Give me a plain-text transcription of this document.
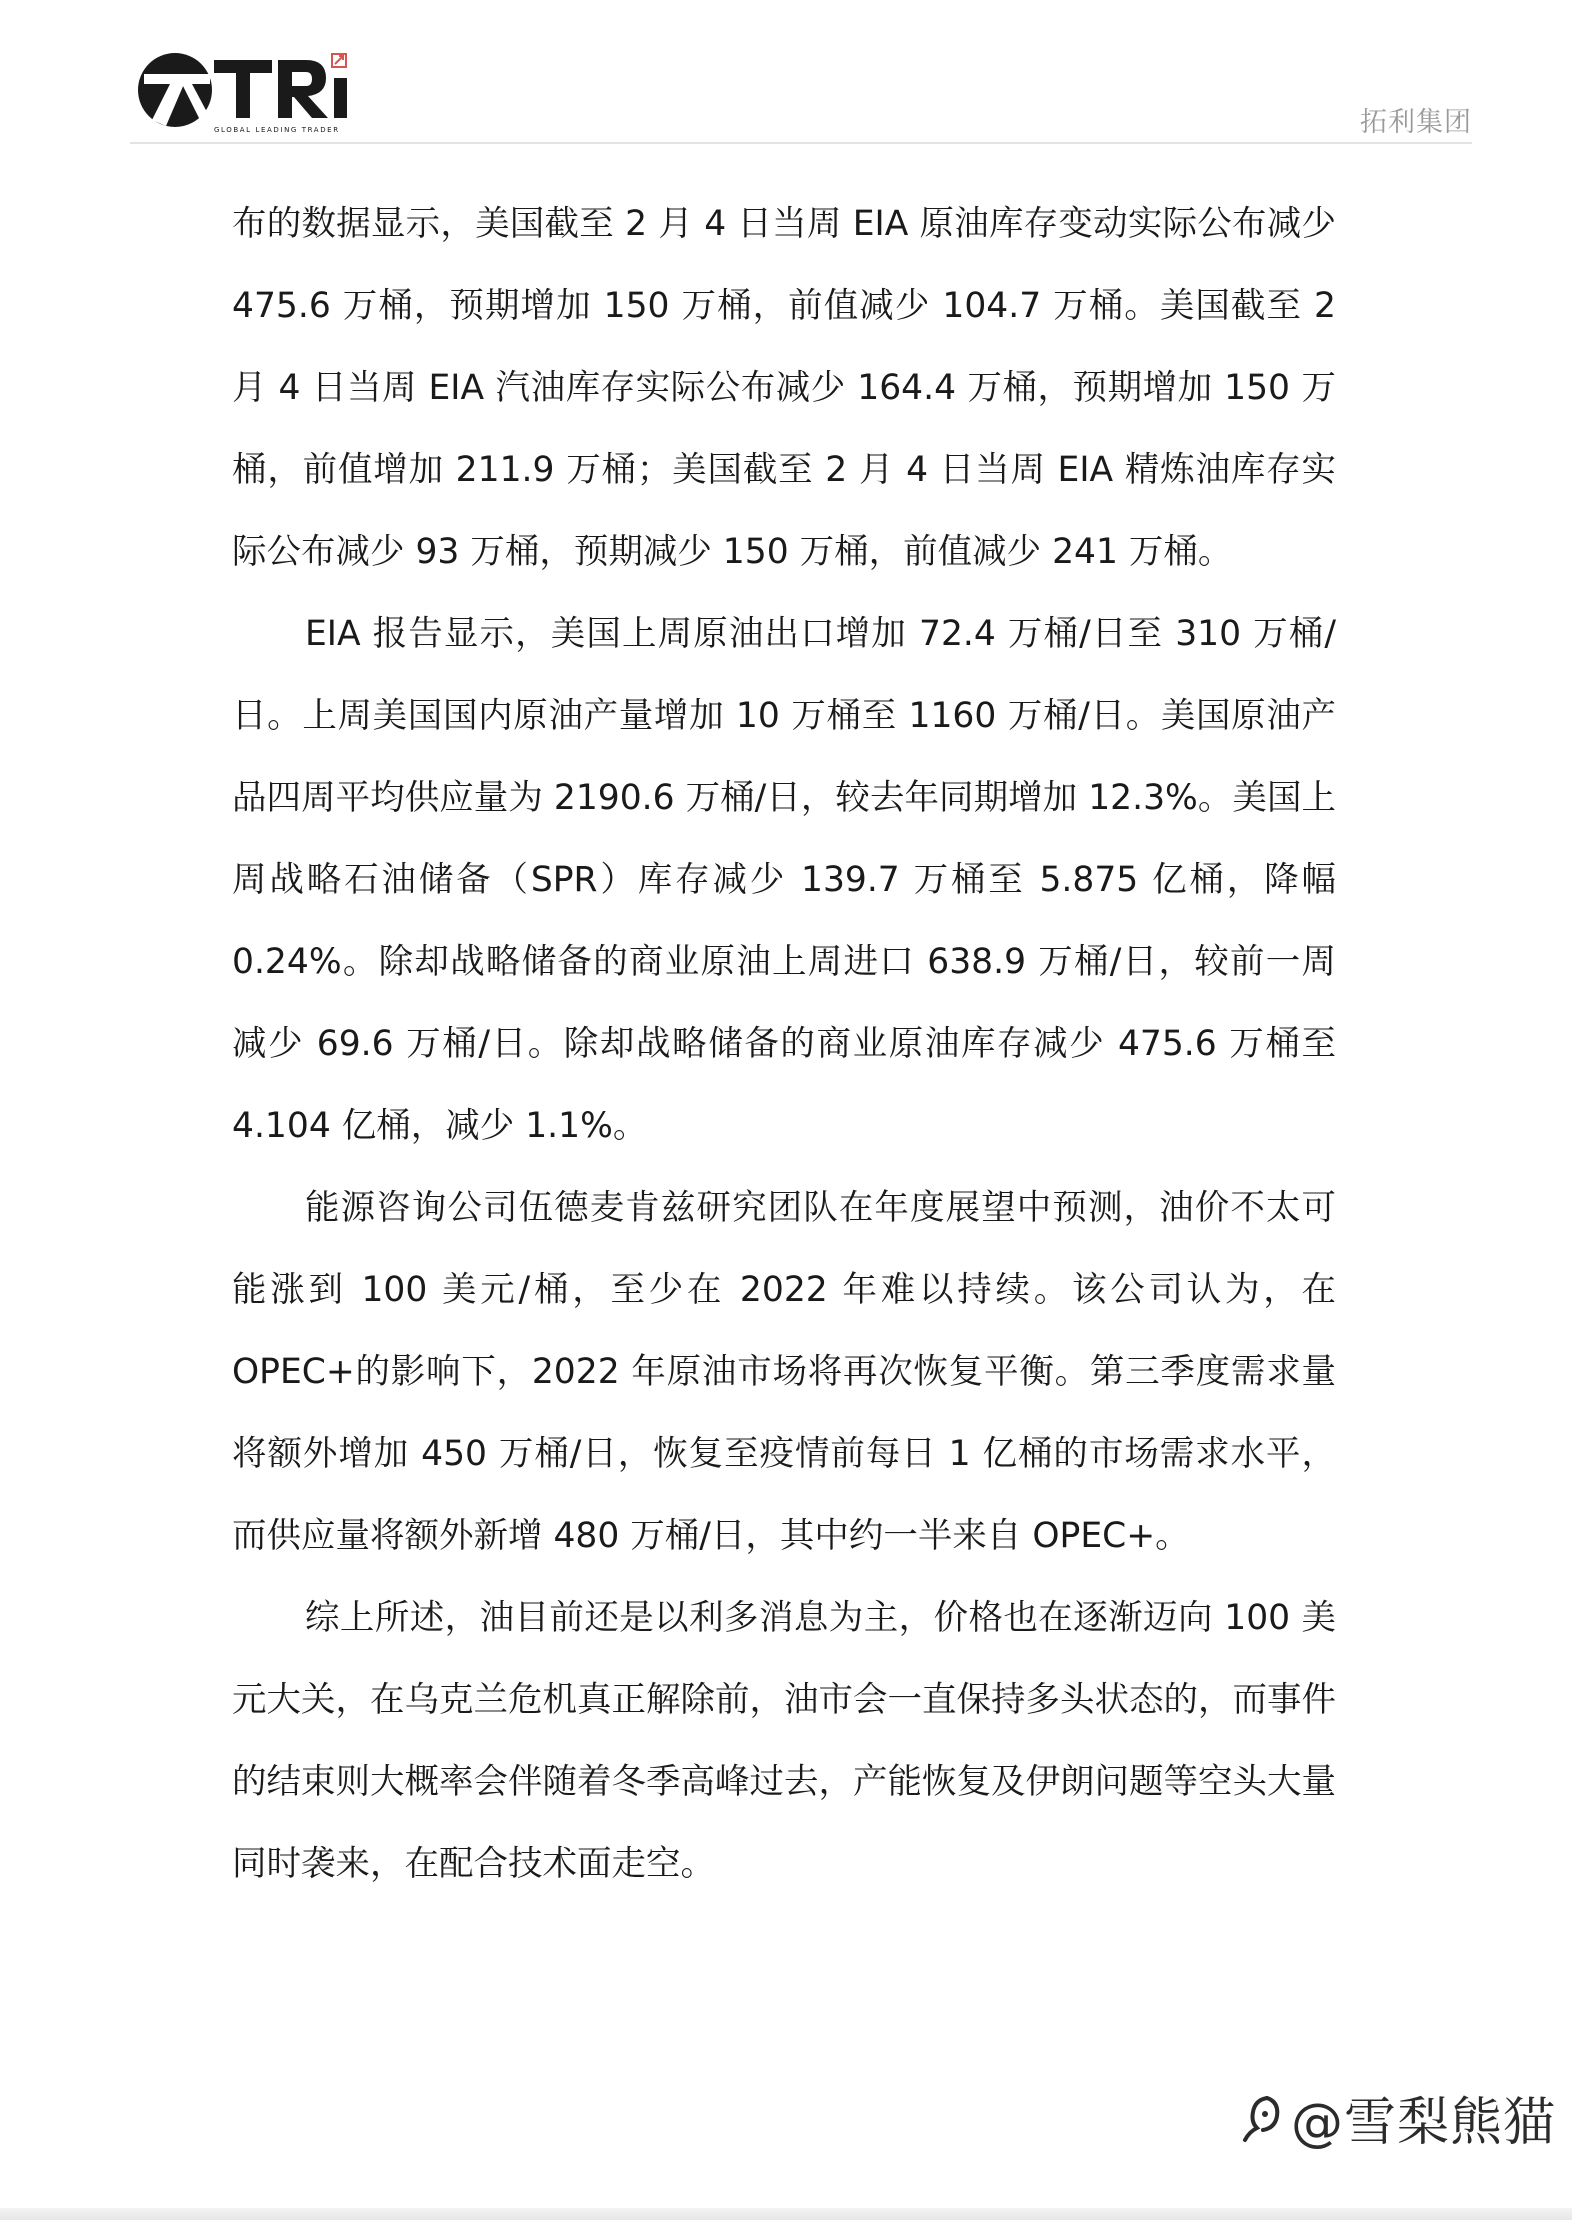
GLOBAL LEADING TRADER	拓利集团

布的数据显示，美国截至 2 月 4 日当周 EIA 原油库存变动实际公布减少 475.6 万桶，预期增加 150 万桶，前值减少 104.7 万桶。美国截至 2 月 4 日当周 EIA 汽油库存实际公布减少 164.4 万桶，预期增加 150 万桶，前值增加 211.9 万桶；美国截至 2 月 4 日当周 EIA 精炼油库存实际公布减少 93 万桶，预期减少 150 万桶，前值减少 241 万桶。

EIA 报告显示，美国上周原油出口增加 72.4 万桶/日至 310 万桶/日。上周美国国内原油产量增加 10 万桶至 1160 万桶/日。美国原油产品四周平均供应量为 2190.6 万桶/日，较去年同期增加 12.3%。美国上周战略石油储备（SPR）库存减少 139.7 万桶至 5.875 亿桶，降幅 0.24%。除却战略储备的商业原油上周进口 638.9 万桶/日，较前一周减少 69.6 万桶/日。除却战略储备的商业原油库存减少 475.6 万桶至 4.104 亿桶，减少 1.1%。

能源咨询公司伍德麦肯兹研究团队在年度展望中预测，油价不太可能涨到 100 美元/桶，至少在 2022 年难以持续。该公司认为，在 OPEC+的影响下，2022 年原油市场将再次恢复平衡。第三季度需求量将额外增加 450 万桶/日，恢复至疫情前每日 1 亿桶的市场需求水平，而供应量将额外新增 480 万桶/日，其中约一半来自 OPEC+。

综上所述，油目前还是以利多消息为主，价格也在逐渐迈向 100 美元大关，在乌克兰危机真正解除前，油市会一直保持多头状态的，而事件的结束则大概率会伴随着冬季高峰过去，产能恢复及伊朗问题等空头大量同时袭来，在配合技术面走空。

@雪梨熊猫
